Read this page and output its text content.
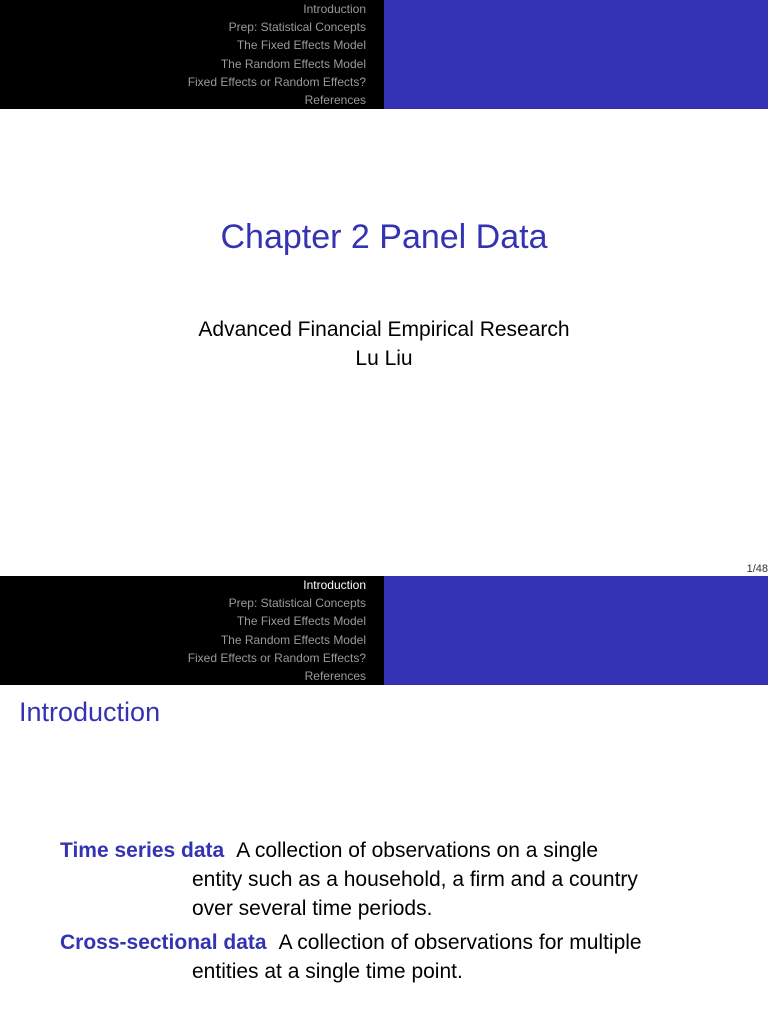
Introduction
Prep: Statistical Concepts
The Fixed Effects Model
The Random Effects Model
Fixed Effects or Random Effects?
References
Chapter 2 Panel Data
Advanced Financial Empirical Research
Lu Liu
1/48
Introduction
Prep: Statistical Concepts
The Fixed Effects Model
The Random Effects Model
Fixed Effects or Random Effects?
References
Introduction
Time series data A collection of observations on a single
entity such as a household, a firm and a country
over several time periods.
Cross-sectional data A collection of observations for multiple
entities at a single time point.
